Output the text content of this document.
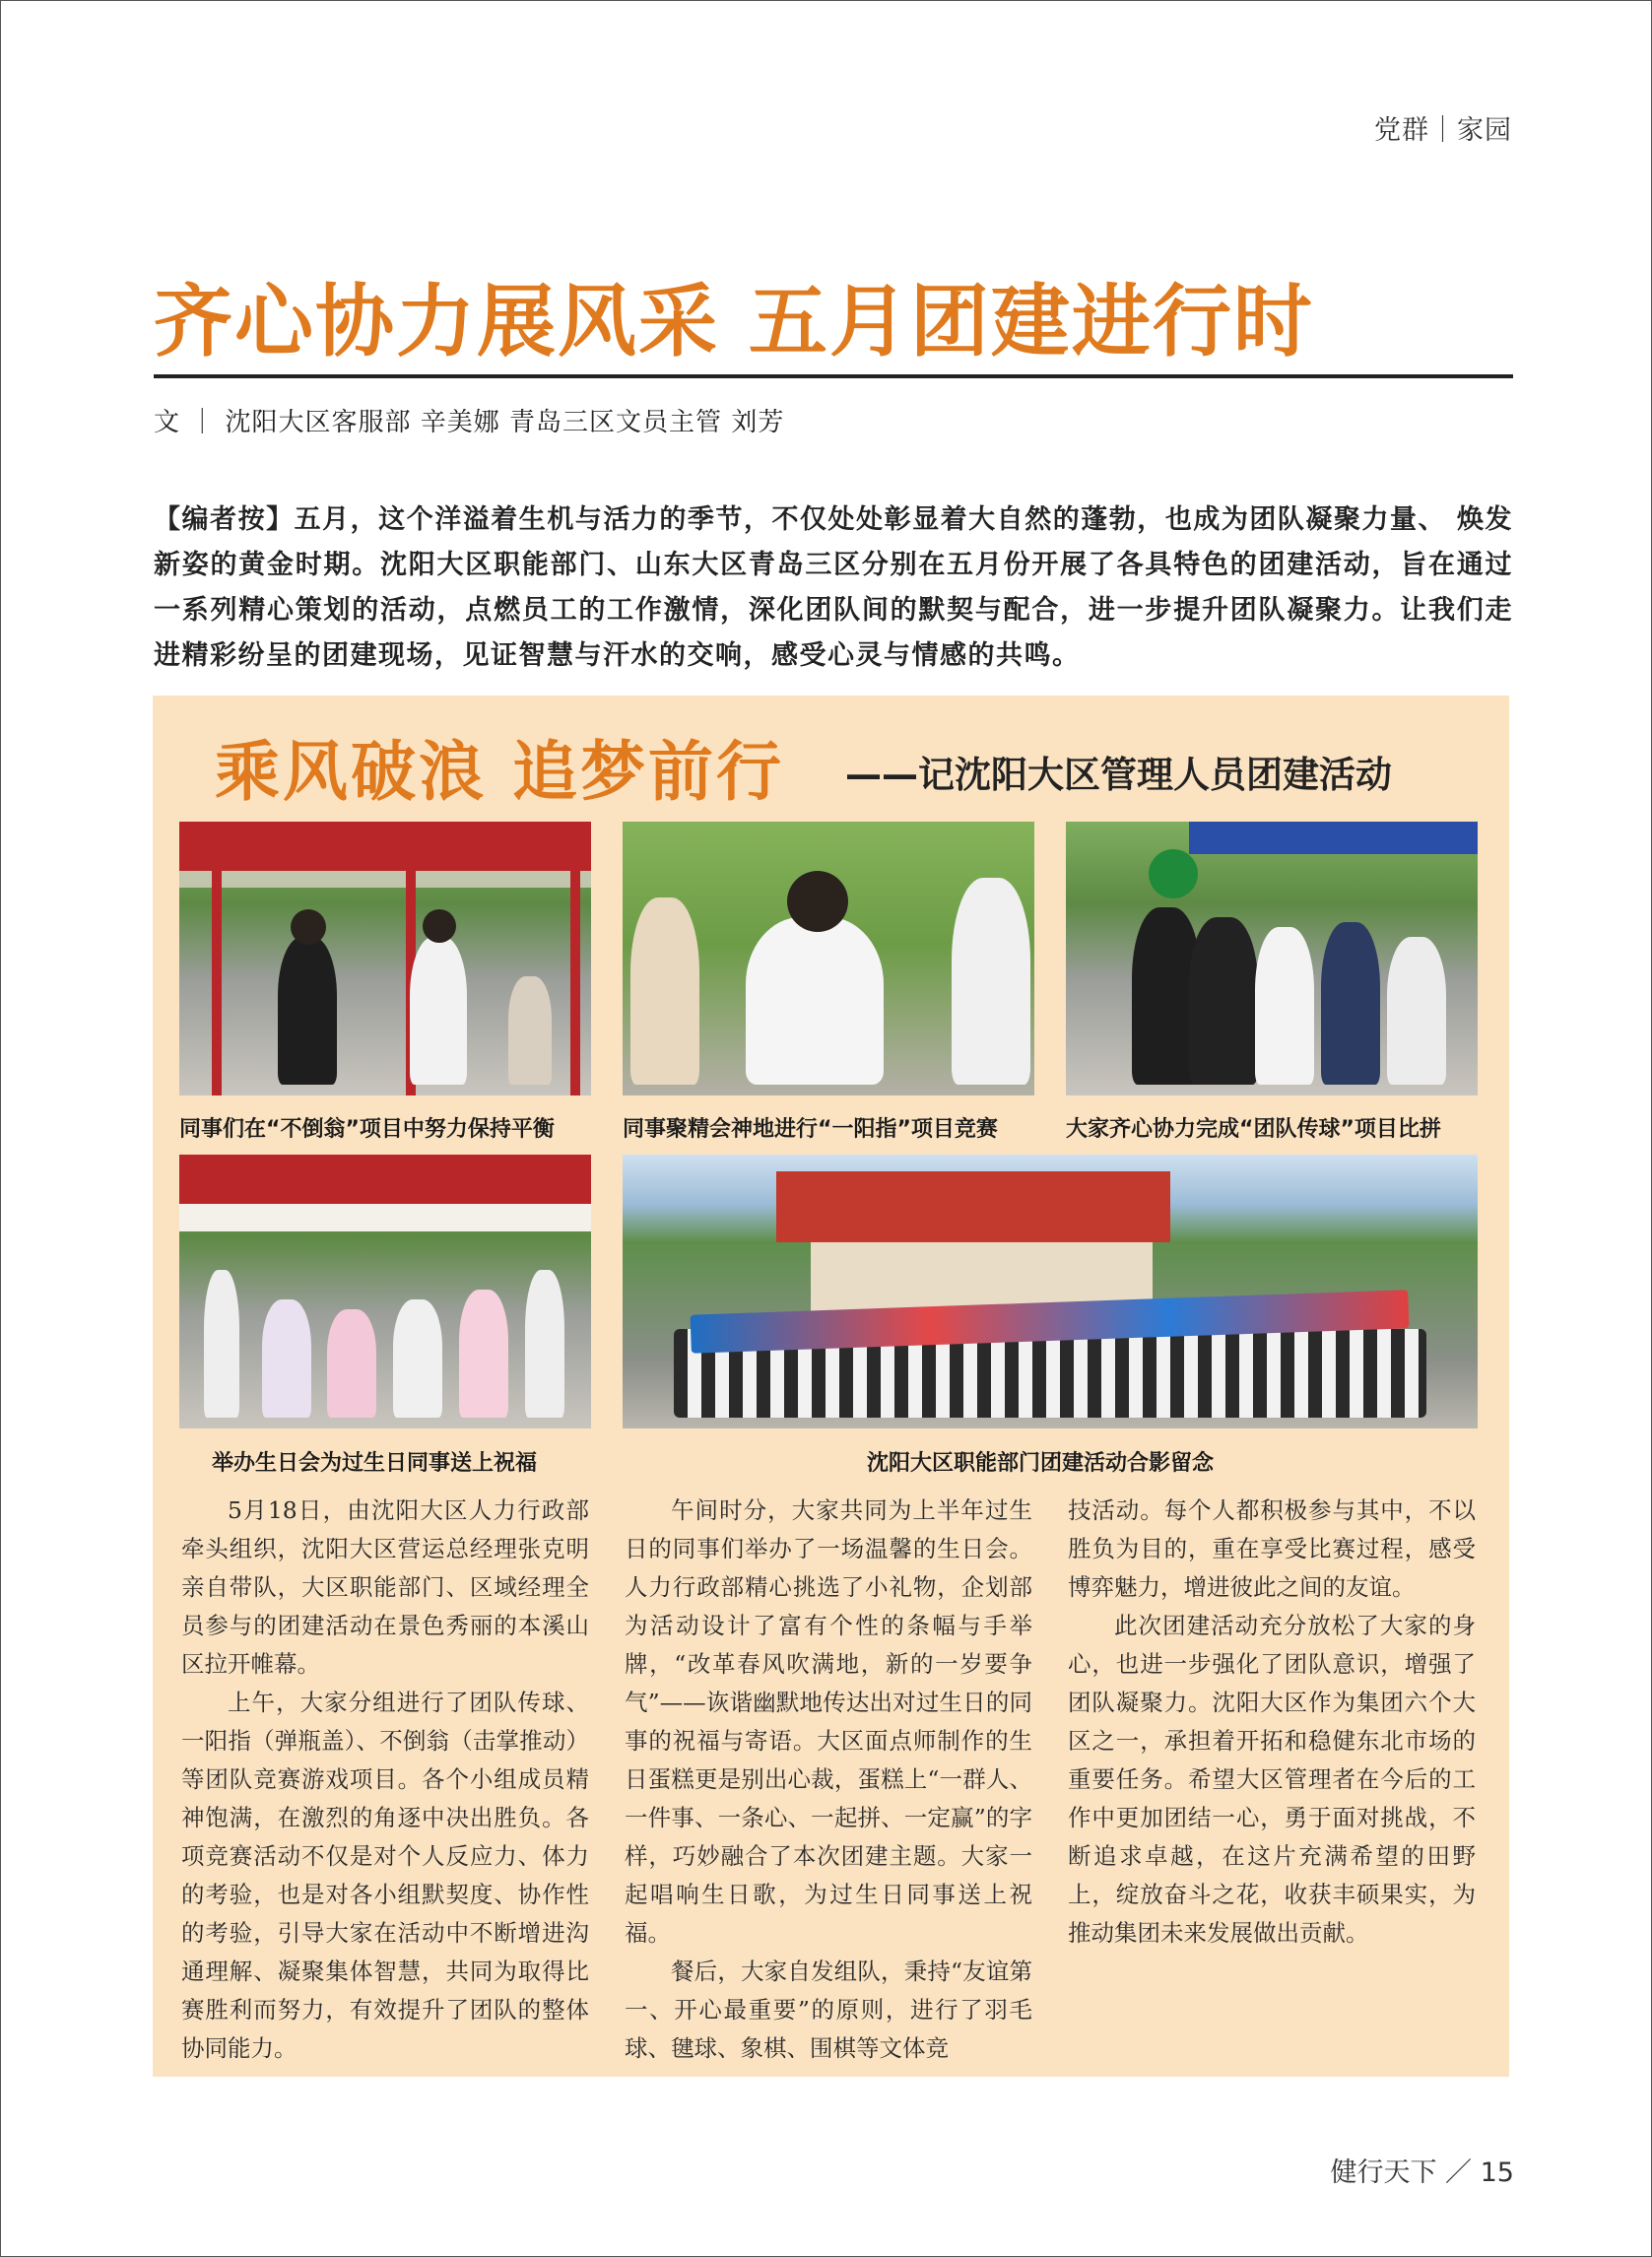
党群｜家园
齐心协力展风采 五月团建进行时
文 ｜ 沈阳大区客服部 辛美娜 青岛三区文员主管 刘芳
【编者按】五月，这个洋溢着生机与活力的季节，不仅处处彰显着大自然的蓬勃，也成为团队凝聚力量、 焕发新姿的黄金时期。沈阳大区职能部门、山东大区青岛三区分别在五月份开展了各具特色的团建活动，旨在通过一系列精心策划的活动，点燃员工的工作激情，深化团队间的默契与配合，进一步提升团队凝聚力。让我们走进精彩纷呈的团建现场，见证智慧与汗水的交响，感受心灵与情感的共鸣。
乘风破浪 追梦前行 ——记沈阳大区管理人员团建活动
同事们在“不倒翁”项目中努力保持平衡	同事聚精会神地进行“一阳指”项目竞赛	大家齐心协力完成“团队传球”项目比拼
举办生日会为过生日同事送上祝福	沈阳大区职能部门团建活动合影留念

5月18日，由沈阳大区人力行政部牵头组织，沈阳大区营运总经理张克明亲自带队，大区职能部门、区域经理全员参与的团建活动在景色秀丽的本溪山区拉开帷幕。

上午，大家分组进行了团队传球、一阳指（弹瓶盖）、不倒翁（击掌推动）等团队竞赛游戏项目。各个小组成员精神饱满，在激烈的角逐中决出胜负。各项竞赛活动不仅是对个人反应力、体力的考验，也是对各小组默契度、协作性的考验，引导大家在活动中不断增进沟通理解、凝聚集体智慧，共同为取得比赛胜利而努力，有效提升了团队的整体协同能力。

午间时分，大家共同为上半年过生日的同事们举办了一场温馨的生日会。人力行政部精心挑选了小礼物，企划部为活动设计了富有个性的条幅与手举牌，“改革春风吹满地，新的一岁要争气”——诙谐幽默地传达出对过生日的同事的祝福与寄语。大区面点师制作的生日蛋糕更是别出心裁，蛋糕上“一群人、一件事、一条心、一起拼、一定赢”的字样，巧妙融合了本次团建主题。大家一起唱响生日歌，为过生日同事送上祝福。

餐后，大家自发组队，秉持“友谊第一、开心最重要”的原则，进行了羽毛球、毽球、象棋、围棋等文体竞

技活动。每个人都积极参与其中，不以胜负为目的，重在享受比赛过程，感受博弈魅力，增进彼此之间的友谊。

此次团建活动充分放松了大家的身心，也进一步强化了团队意识，增强了团队凝聚力。沈阳大区作为集团六个大区之一，承担着开拓和稳健东北市场的重要任务。希望大区管理者在今后的工作中更加团结一心，勇于面对挑战，不断追求卓越，在这片充满希望的田野上，绽放奋斗之花，收获丰硕果实，为推动集团未来发展做出贡献。

健行天下 ／ 15
